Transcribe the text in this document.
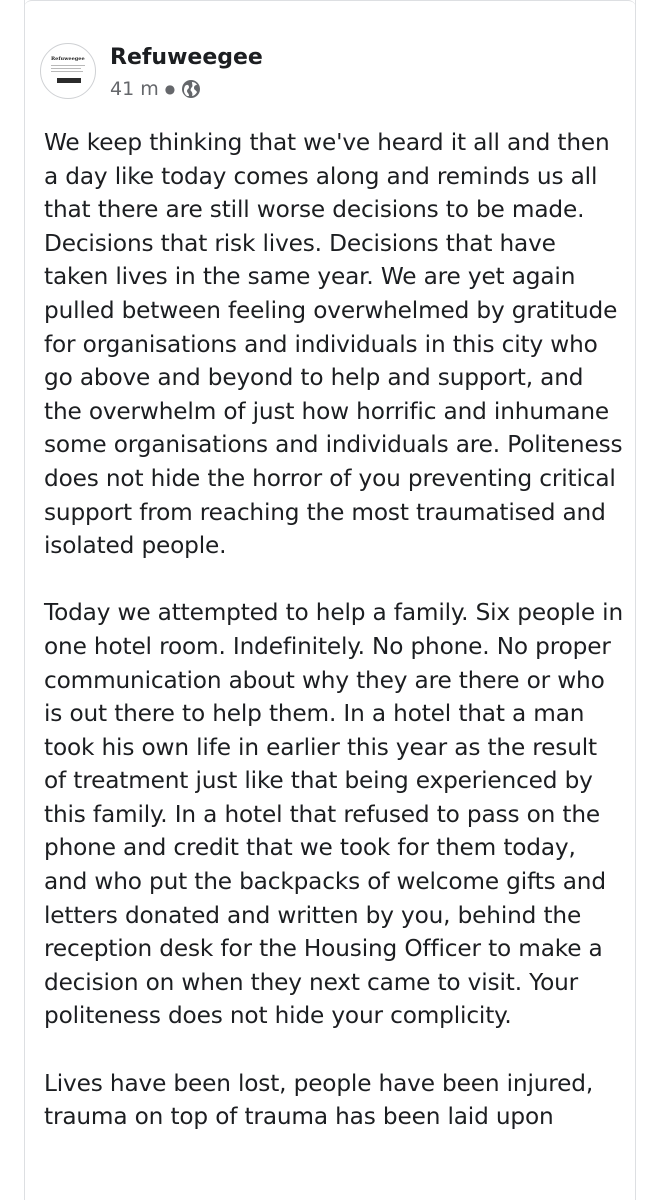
Refuweegee Refuweegee
41 m ●

We keep thinking that we've heard it all and then a day like today comes along and reminds us all that there are still worse decisions to be made. Decisions that risk lives. Decisions that have taken lives in the same year. We are yet again pulled between feeling overwhelmed by gratitude for organisations and individuals in this city who go above and beyond to help and support, and the overwhelm of just how horrific and inhumane some organisations and individuals are. Politeness does not hide the horror of you preventing critical support from reaching the most traumatised and isolated people.

Today we attempted to help a family. Six people in one hotel room. Indefinitely. No phone. No proper communication about why they are there or who is out there to help them. In a hotel that a man took his own life in earlier this year as the result of treatment just like that being experienced by this family. In a hotel that refused to pass on the phone and credit that we took for them today, and who put the backpacks of welcome gifts and letters donated and written by you, behind the reception desk for the Housing Officer to make a decision on when they next came to visit. Your politeness does not hide your complicity.

Lives have been lost, people have been injured, trauma on top of trauma has been laid upon
